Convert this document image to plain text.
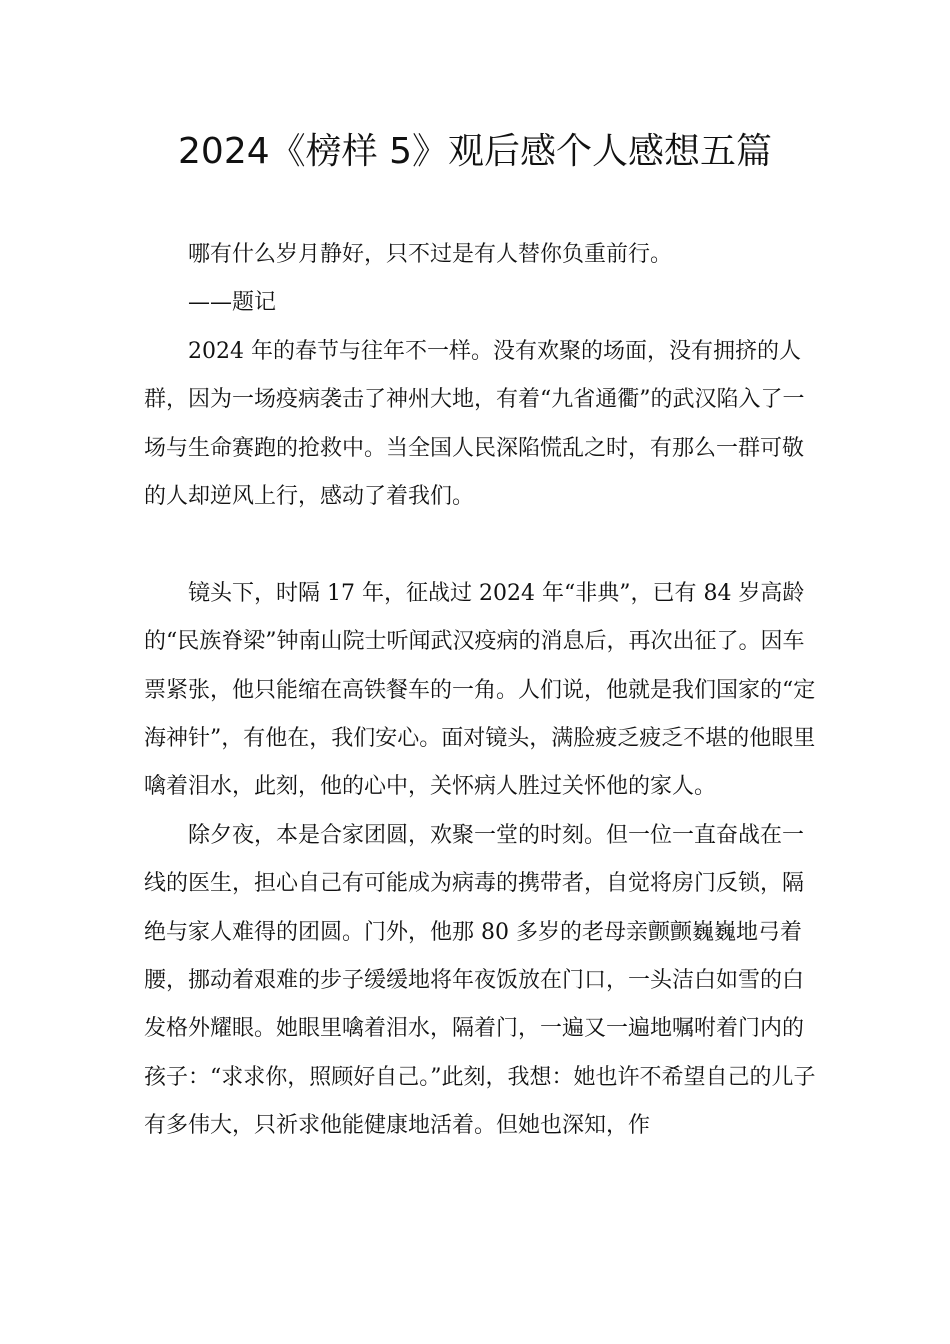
2024《榜样 5》观后感个人感想五篇

哪有什么岁月静好，只不过是有人替你负重前行。

——题记

2024 年的春节与往年不一样。没有欢聚的场面，没有拥挤的人群，因为一场疫病袭击了神州大地，有着“九省通衢”的武汉陷入了一场与生命赛跑的抢救中。当全国人民深陷慌乱之时，有那么一群可敬的人却逆风上行，感动了着我们。

镜头下，时隔 17 年，征战过 2024 年“非典”，已有 84 岁高龄的“民族脊梁”钟南山院士听闻武汉疫病的消息后，再次出征了。因车票紧张，他只能缩在高铁餐车的一角。人们说，他就是我们国家的“定海神针”，有他在，我们安心。面对镜头，满脸疲乏疲乏不堪的他眼里噙着泪水，此刻，他的心中，关怀病人胜过关怀他的家人。

除夕夜，本是合家团圆，欢聚一堂的时刻。但一位一直奋战在一线的医生，担心自己有可能成为病毒的携带者，自觉将房门反锁，隔绝与家人难得的团圆。门外，他那 80 多岁的老母亲颤颤巍巍地弓着腰，挪动着艰难的步子缓缓地将年夜饭放在门口，一头洁白如雪的白发格外耀眼。她眼里噙着泪水，隔着门，一遍又一遍地嘱咐着门内的孩子：“求求你，照顾好自己。”此刻，我想：她也许不希望自己的儿子有多伟大，只祈求他能健康地活着。但她也深知，作
